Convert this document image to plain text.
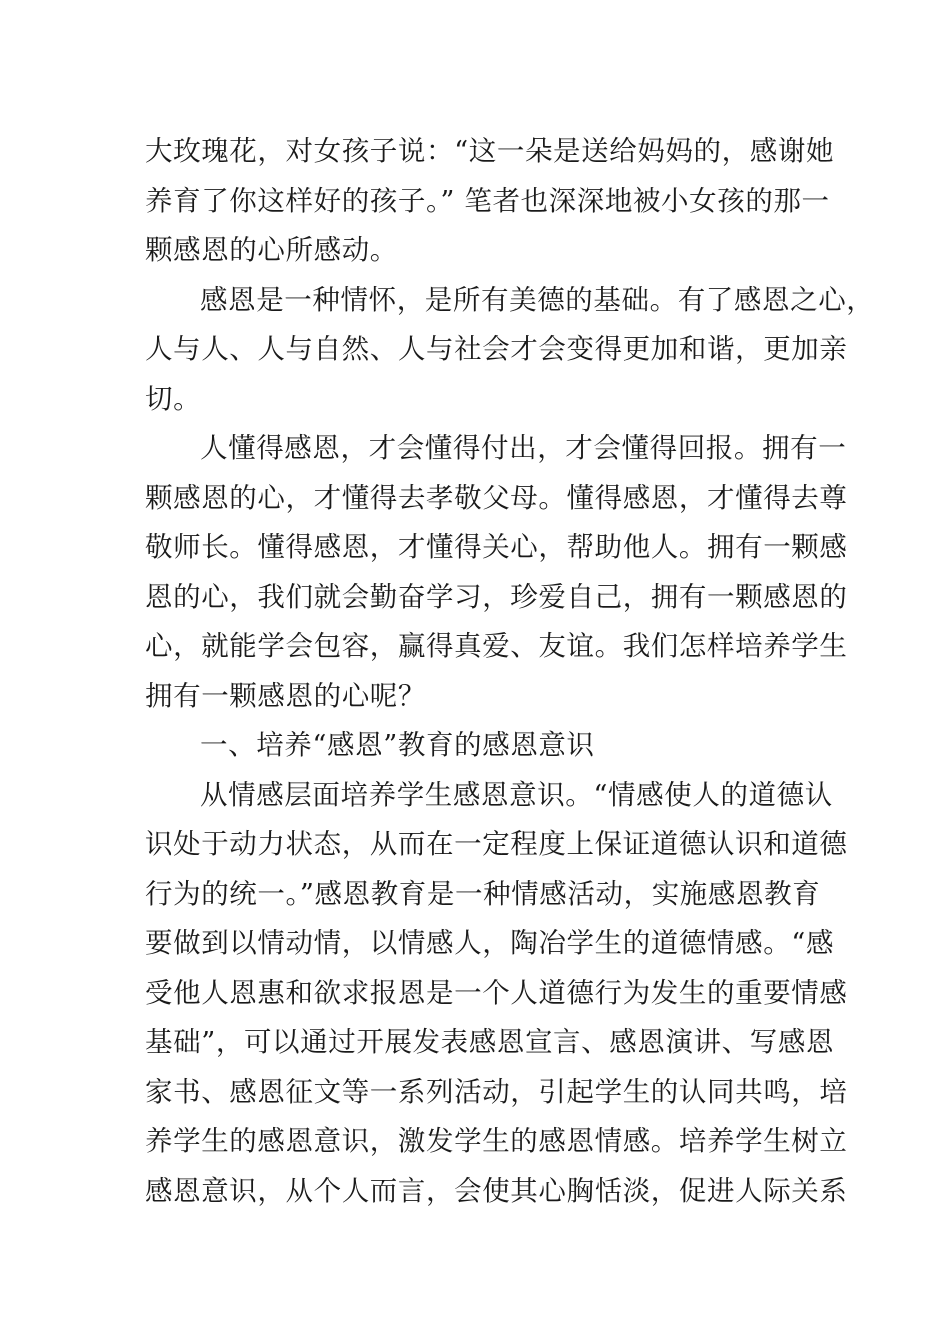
大玫瑰花，对女孩子说：“这一朵是送给妈妈的，感谢她
养育了你这样好的孩子。” 笔者也深深地被小女孩的那一
颗感恩的心所感动。

感恩是一种情怀，是所有美德的基础。有了感恩之心，
人与人、人与自然、人与社会才会变得更加和谐，更加亲
切。

人懂得感恩，才会懂得付出，才会懂得回报。拥有一
颗感恩的心，才懂得去孝敬父母。懂得感恩，才懂得去尊
敬师长。懂得感恩，才懂得关心，帮助他人。拥有一颗感
恩的心，我们就会勤奋学习，珍爱自己，拥有一颗感恩的
心，就能学会包容，赢得真爱、友谊。我们怎样培养学生
拥有一颗感恩的心呢？

一、培养“感恩”教育的感恩意识

从情感层面培养学生感恩意识。“情感使人的道德认
识处于动力状态，从而在一定程度上保证道德认识和道德
行为的统一。”感恩教育是一种情感活动，实施感恩教育
要做到以情动情，以情感人，陶冶学生的道德情感。“感
受他人恩惠和欲求报恩是一个人道德行为发生的重要情感
基础”，可以通过开展发表感恩宣言、感恩演讲、写感恩
家书、感恩征文等一系列活动，引起学生的认同共鸣，培
养学生的感恩意识，激发学生的感恩情感。培养学生树立
感恩意识，从个人而言，会使其心胸恬淡，促进人际关系
